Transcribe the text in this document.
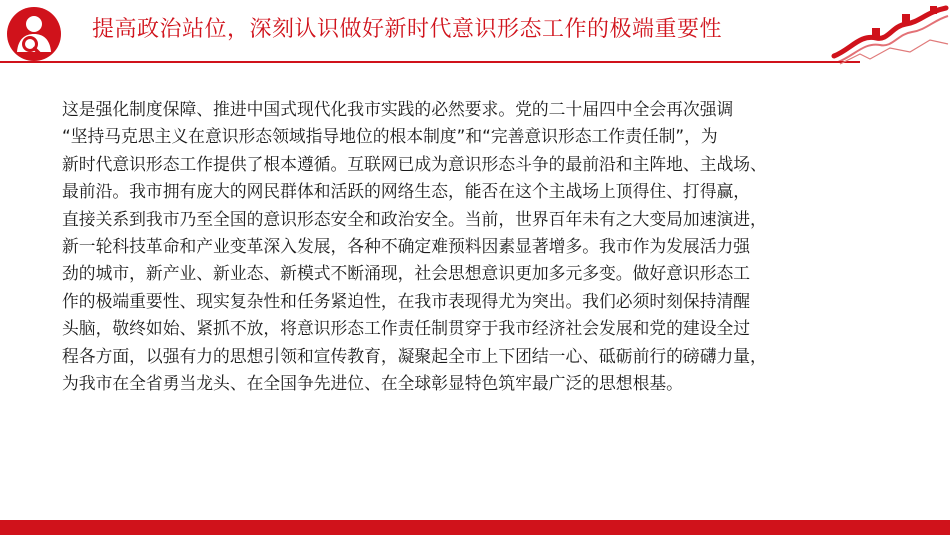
提高政治站位，深刻认识做好新时代意识形态工作的极端重要性

这是强化制度保障、推进中国式现代化我市实践的必然要求。党的二十届四中全会再次强调

“坚持马克思主义在意识形态领域指导地位的根本制度”和“完善意识形态工作责任制”，为

新时代意识形态工作提供了根本遵循。互联网已成为意识形态斗争的最前沿和主阵地、主战场、

最前沿。我市拥有庞大的网民群体和活跃的网络生态，能否在这个主战场上顶得住、打得赢，

直接关系到我市乃至全国的意识形态安全和政治安全。当前，世界百年未有之大变局加速演进，

新一轮科技革命和产业变革深入发展，各种不确定难预料因素显著增多。我市作为发展活力强

劲的城市，新产业、新业态、新模式不断涌现，社会思想意识更加多元多变。做好意识形态工

作的极端重要性、现实复杂性和任务紧迫性，在我市表现得尤为突出。我们必须时刻保持清醒

头脑，敬终如始、紧抓不放，将意识形态工作责任制贯穿于我市经济社会发展和党的建设全过

程各方面，以强有力的思想引领和宣传教育，凝聚起全市上下团结一心、砥砺前行的磅礴力量，

为我市在全省勇当龙头、在全国争先进位、在全球彰显特色筑牢最广泛的思想根基。
